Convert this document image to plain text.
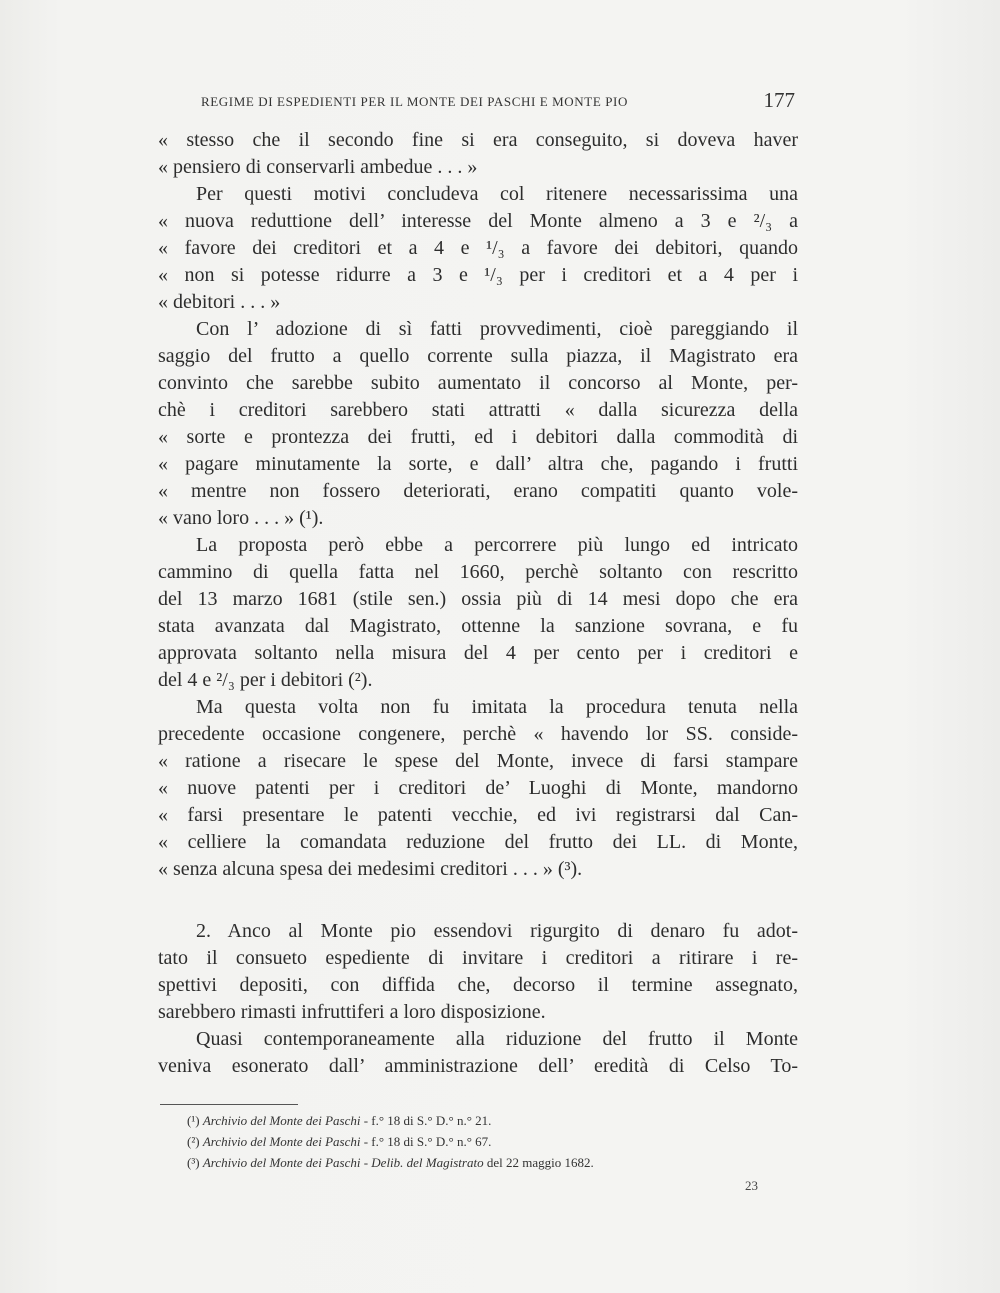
REGIME DI ESPEDIENTI PER IL MONTE DEI PASCHI E MONTE PIO	177
« stesso che il secondo fine si era conseguito, si doveva haver
« pensiero di conservarli ambedue . . . »
Per questi motivi concludeva col ritenere necessarissima una
« nuova reduttione dell’ interesse del Monte almeno a 3 e ²/₃ a
« favore dei creditori et a 4 e ¹/₃ a favore dei debitori, quando
« non si potesse ridurre a 3 e ¹/₃ per i creditori et a 4 per i
« debitori . . . »
Con l’ adozione di sì fatti provvedimenti, cioè pareggiando il
saggio del frutto a quello corrente sulla piazza, il Magistrato era
convinto che sarebbe subito aumentato il concorso al Monte, per-
chè i creditori sarebbero stati attratti « dalla sicurezza della
« sorte e prontezza dei frutti, ed i debitori dalla commodità di
« pagare minutamente la sorte, e dall’ altra che, pagando i frutti
« mentre non fossero deteriorati, erano compatiti quanto vole-
« vano loro . . . » (¹).
La proposta però ebbe a percorrere più lungo ed intricato
cammino di quella fatta nel 1660, perchè soltanto con rescritto
del 13 marzo 1681 (stile sen.) ossia più di 14 mesi dopo che era
stata avanzata dal Magistrato, ottenne la sanzione sovrana, e fu
approvata soltanto nella misura del 4 per cento per i creditori e
del 4 e ²/₃ per i debitori (²).
Ma questa volta non fu imitata la procedura tenuta nella
precedente occasione congenere, perchè « havendo lor SS. conside-
« ratione a risecare le spese del Monte, invece di farsi stampare
« nuove patenti per i creditori de’ Luoghi di Monte, mandorno
« farsi presentare le patenti vecchie, ed ivi registrarsi dal Can-
« celliere la comandata reduzione del frutto dei LL. di Monte,
« senza alcuna spesa dei medesimi creditori . . . » (³).
2. Anco al Monte pio essendovi rigurgito di denaro fu adot-
tato il consueto espediente di invitare i creditori a ritirare i re-
spettivi depositi, con diffida che, decorso il termine assegnato,
sarebbero rimasti infruttiferi a loro disposizione.
Quasi contemporaneamente alla riduzione del frutto il Monte
veniva esonerato dall’ amministrazione dell’ eredità di Celso To-
(¹) Archivio del Monte dei Paschi - f.° 18 di S.° D.° n.° 21.
(²) Archivio del Monte dei Paschi - f.° 18 di S.° D.° n.° 67.
(³) Archivio del Monte dei Paschi - Delib. del Magistrato del 22 maggio 1682.
23
